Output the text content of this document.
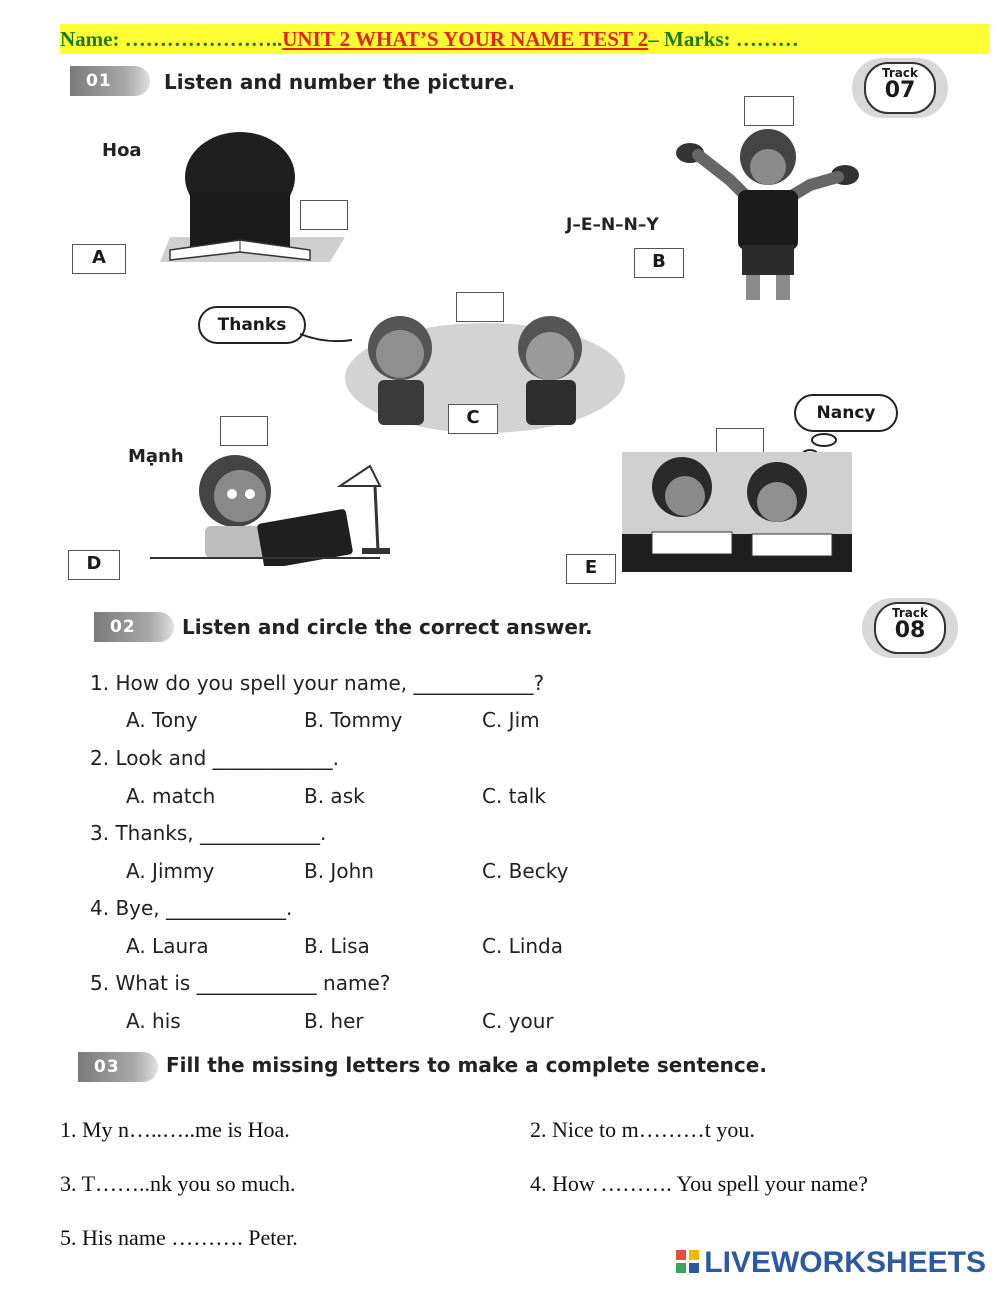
Name: …………………..UNIT 2 WHAT’S YOUR NAME TEST 2– Marks: ………
01	Listen and number the picture.	Track
07
Hoa
A
J–E–N–N–Y
B
Thanks
C
Mạnh
D
Nancy
E
02	Listen and circle the correct answer.
Track
08
1. How do you spell your name, ____________?
A. Tony	B. Tommy	C. Jim
2. Look and ____________.
A. match	B. ask	C. talk
3. Thanks, ____________.
A. Jimmy	B. John	C. Becky
4. Bye, ____________.
A. Laura	B. Lisa	C. Linda
5. What is ____________ name?
A. his	B. her	C. your
03	Fill the missing letters to make a complete sentence.
1. My n…..…..me is Hoa.	2. Nice to m………t you.
3. T……..nk you so much.	4. How ………. You spell your name?
5. His name ………. Peter.
LIVEWORKSHEETS
